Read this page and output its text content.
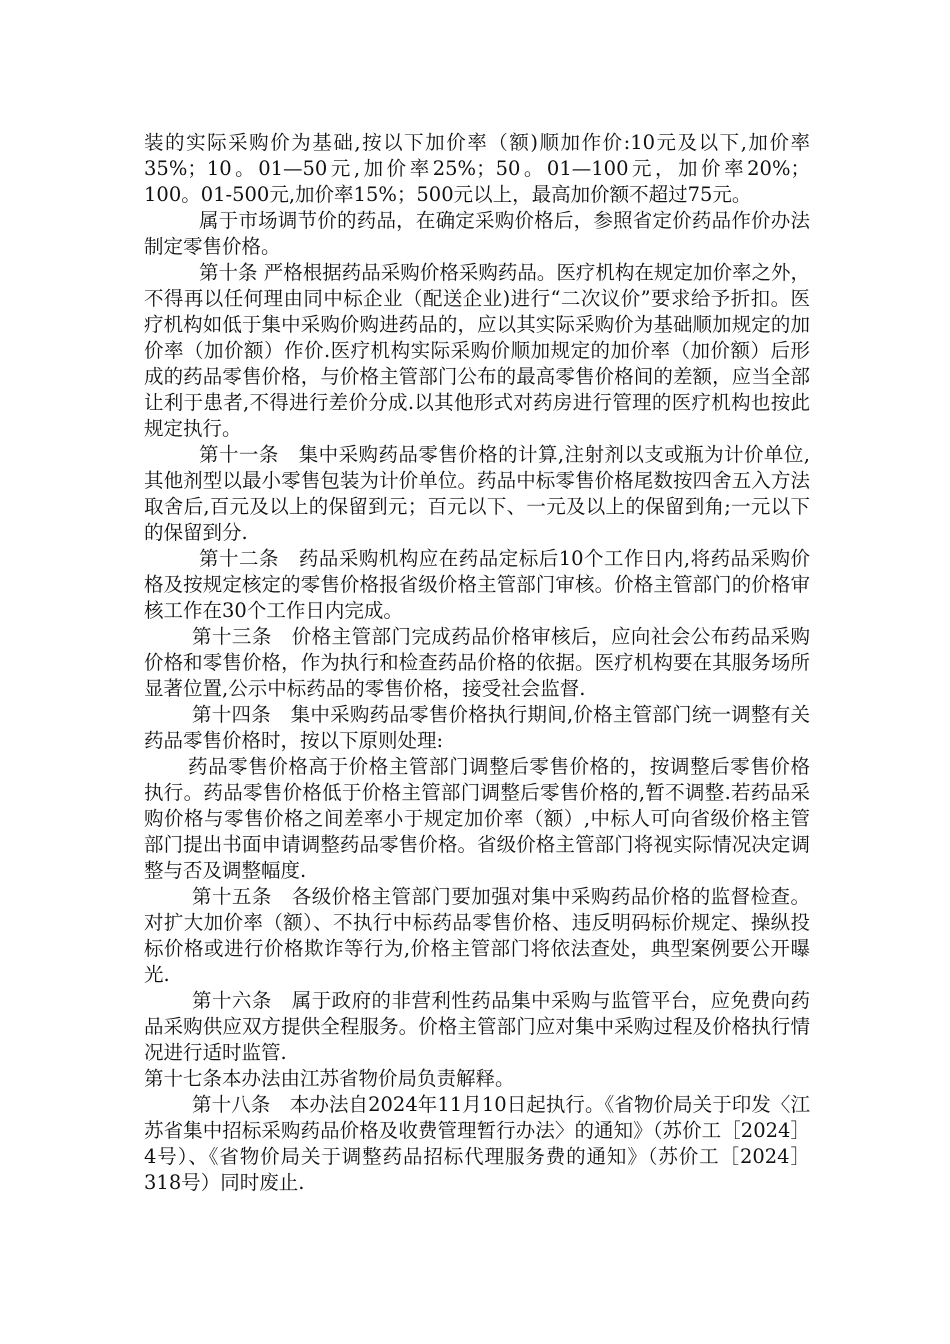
装的实际采购价为基础,按以下加价率（额)顺加作价:10元及以下,加价率35%；10。01—50元,加价率25%；50。01—100元，加价率20%；100。01-500元,加价率15%；500元以上，最高加价额不超过75元。

属于市场调节价的药品，在确定采购价格后，参照省定价药品作价办法制定零售价格。

第十条 严格根据药品采购价格采购药品。医疗机构在规定加价率之外，不得再以任何理由同中标企业（配送企业)进行“二次议价”要求给予折扣。医疗机构如低于集中采购价购进药品的，应以其实际采购价为基础顺加规定的加价率（加价额）作价.医疗机构实际采购价顺加规定的加价率（加价额）后形成的药品零售价格，与价格主管部门公布的最高零售价格间的差额，应当全部让利于患者,不得进行差价分成.以其他形式对药房进行管理的医疗机构也按此规定执行。

第十一条　集中采购药品零售价格的计算,注射剂以支或瓶为计价单位,其他剂型以最小零售包装为计价单位。药品中标零售价格尾数按四舍五入方法取舍后,百元及以上的保留到元；百元以下、一元及以上的保留到角;一元以下的保留到分.

第十二条　药品采购机构应在药品定标后10个工作日内,将药品采购价格及按规定核定的零售价格报省级价格主管部门审核。价格主管部门的价格审核工作在30个工作日内完成。

第十三条　价格主管部门完成药品价格审核后，应向社会公布药品采购价格和零售价格，作为执行和检查药品价格的依据。医疗机构要在其服务场所显著位置,公示中标药品的零售价格，接受社会监督.

第十四条　集中采购药品零售价格执行期间,价格主管部门统一调整有关药品零售价格时，按以下原则处理:

药品零售价格高于价格主管部门调整后零售价格的，按调整后零售价格执行。药品零售价格低于价格主管部门调整后零售价格的,暂不调整.若药品采购价格与零售价格之间差率小于规定加价率（额）,中标人可向省级价格主管部门提出书面申请调整药品零售价格。省级价格主管部门将视实际情况决定调整与否及调整幅度.

第十五条　各级价格主管部门要加强对集中采购药品价格的监督检查。对扩大加价率（额）、不执行中标药品零售价格、违反明码标价规定、操纵投标价格或进行价格欺诈等行为,价格主管部门将依法查处，典型案例要公开曝光.

第十六条　属于政府的非营利性药品集中采购与监管平台，应免费向药品采购供应双方提供全程服务。价格主管部门应对集中采购过程及价格执行情况进行适时监管.

第十七条本办法由江苏省物价局负责解释。

第十八条　本办法自2024年11月10日起执行。《省物价局关于印发〈江苏省集中招标采购药品价格及收费管理暂行办法〉的通知》（苏价工［2024］4号）、《省物价局关于调整药品招标代理服务费的通知》（苏价工［2024］318号）同时废止.
